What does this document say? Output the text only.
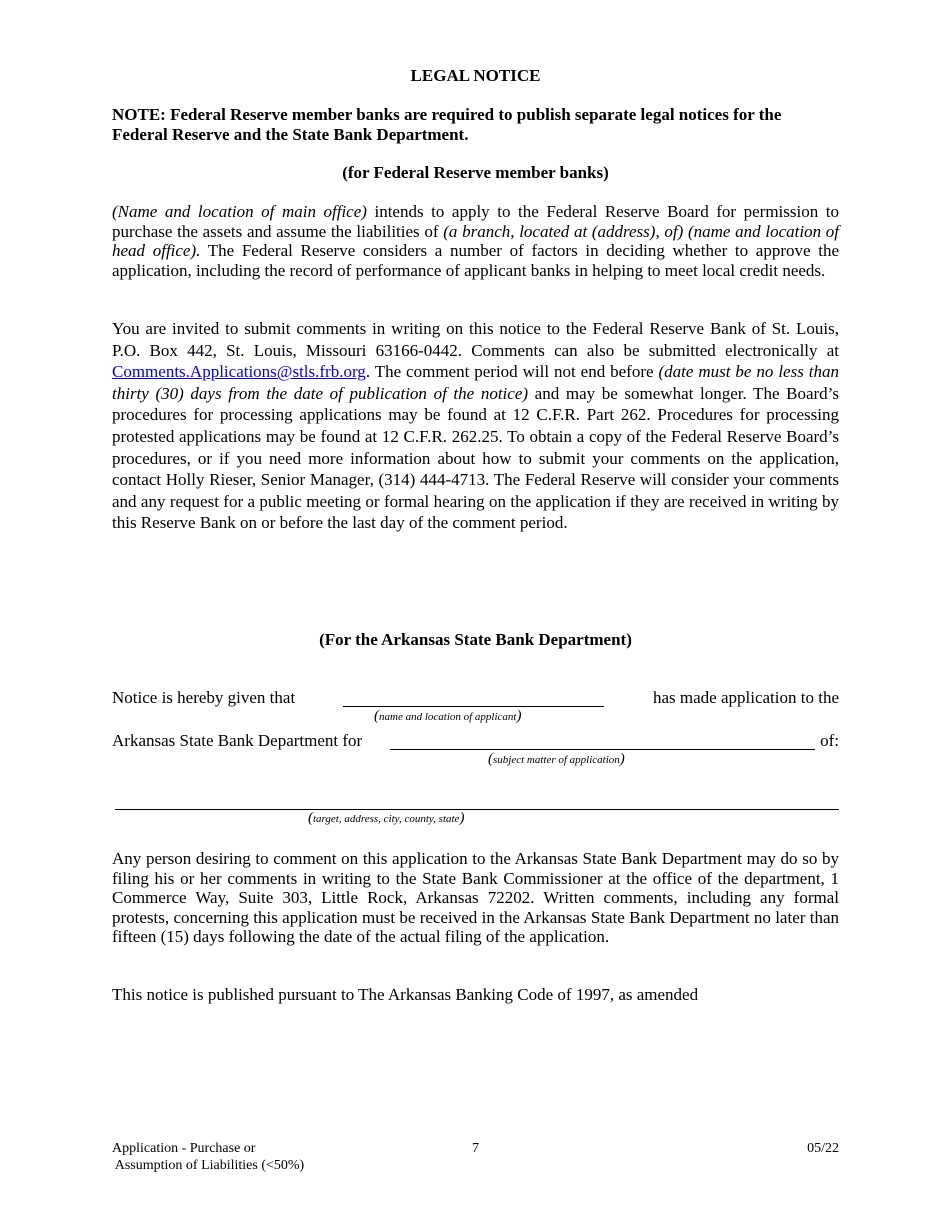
LEGAL NOTICE
NOTE: Federal Reserve member banks are required to publish separate legal notices for the Federal Reserve and the State Bank Department.
(for Federal Reserve member banks)
(Name and location of main office) intends to apply to the Federal Reserve Board for permission to purchase the assets and assume the liabilities of (a branch, located at (address), of) (name and location of head office). The Federal Reserve considers a number of factors in deciding whether to approve the application, including the record of performance of applicant banks in helping to meet local credit needs.
You are invited to submit comments in writing on this notice to the Federal Reserve Bank of St. Louis, P.O. Box 442, St. Louis, Missouri 63166-0442. Comments can also be submitted electronically at Comments.Applications@stls.frb.org. The comment period will not end before (date must be no less than thirty (30) days from the date of publication of the notice) and may be somewhat longer. The Board’s procedures for processing applications may be found at 12 C.F.R. Part 262. Procedures for processing protested applications may be found at 12 C.F.R. 262.25. To obtain a copy of the Federal Reserve Board’s procedures, or if you need more information about how to submit your comments on the application, contact Holly Rieser, Senior Manager, (314) 444-4713. The Federal Reserve will consider your comments and any request for a public meeting or formal hearing on the application if they are received in writing by this Reserve Bank on or before the last day of the comment period.
(For the Arkansas State Bank Department)
Notice is hereby given that	has made application to the
(name and location of applicant)
Arkansas State Bank Department for	of:
(subject matter of application)
(target, address, city, county, state)
Any person desiring to comment on this application to the Arkansas State Bank Department may do so by filing his or her comments in writing to the State Bank Commissioner at the office of the department, 1 Commerce Way, Suite 303, Little Rock, Arkansas 72202. Written comments, including any formal protests, concerning this application must be received in the Arkansas State Bank Department no later than fifteen (15) days following the date of the actual filing of the application.
This notice is published pursuant to The Arkansas Banking Code of 1997, as amended
Application - Purchase or
Assumption of Liabilities (<50%)
7	05/22
